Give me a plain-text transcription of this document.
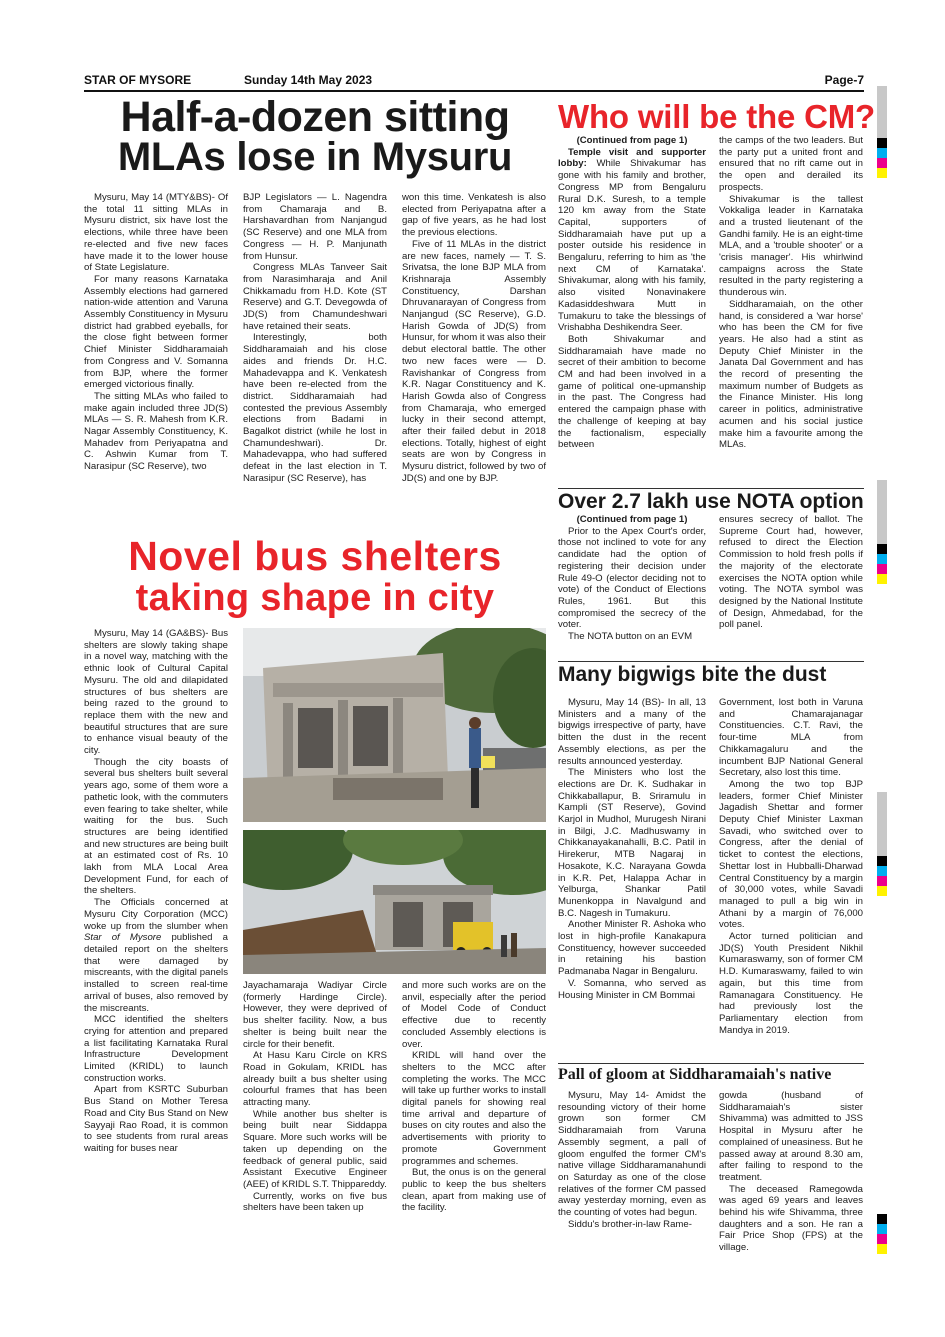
STAR OF MYSORE	Sunday 14th May 2023	Page-7
Half-a-dozen sitting
MLAs lose in Mysuru

Mysuru, May 14 (MTY&BS)- Of the total 11 sitting MLAs in Mysuru district, six have lost the elections, while three have been re-elected and five new faces have made it to the lower house of State Legislature.

For many reasons Karnataka Assembly elections had garnered nation-wide attention and Varuna Assembly Constituency in Mysuru district had grabbed eyeballs, for the close fight between former Chief Minister Siddharamaiah from Congress and V. Somanna from BJP, where the former emerged victorious finally.

The sitting MLAs who failed to make again included three JD(S) MLAs — S. R. Mahesh from K.R. Nagar Assembly Constituency, K. Mahadev from Periyapatna and C. Ashwin Kumar from T. Narasipur (SC Reserve), two

BJP Legislators — L. Nagendra from Chamaraja and B. Harshavardhan from Nanjangud (SC Reserve) and one MLA from Congress — H. P. Manjunath from Hunsur.

Congress MLAs Tanveer Sait from Narasimharaja and Anil Chikkamadu from H.D. Kote (ST Reserve) and G.T. Devegowda of JD(S) from Chamundeshwari have retained their seats.

Interestingly, both Siddharamaiah and his close aides and friends Dr. H.C. Mahadevappa and K. Venkatesh have been re-elected from the district. Siddharamaiah had contested the previous Assembly elections from Badami in Bagalkot district (while he lost in Chamundeshwari). Dr. Mahadevappa, who had suffered defeat in the last election in T. Narasipur (SC Reserve), has

won this time. Venkatesh is also elected from Periyapatna after a gap of five years, as he had lost the previous elections.

Five of 11 MLAs in the district are new faces, namely — T. S. Srivatsa, the lone BJP MLA from Krishnaraja Assembly Constituency, Darshan Dhruvanarayan of Congress from Nanjangud (SC Reserve), G.D. Harish Gowda of JD(S) from Hunsur, for whom it was also their debut electoral battle. The other two new faces were — D. Ravishankar of Congress from K.R. Nagar Constituency and K. Harish Gowda also of Congress from Chamaraja, who emerged lucky in their second attempt, after their failed debut in 2018 elections. Totally, highest of eight seats are won by Congress in Mysuru district, followed by two of JD(S) and one by BJP.

Who will be the CM?

(Continued from page 1)

Temple visit and supporter lobby: While Shivakumar has gone with his family and brother, Congress MP from Bengaluru Rural D.K. Suresh, to a temple 120 km away from the State Capital, supporters of Siddharamaiah have put up a poster outside his residence in Bengaluru, referring to him as 'the next CM of Karnataka'. Shivakumar, along with his family, also visited Nonavinakere Kadasiddeshwara Mutt in Tumakuru to take the blessings of Vrishabha Deshikendra Seer.

Both Shivakumar and Siddharamaiah have made no secret of their ambition to become CM and had been involved in a game of political one-upmanship in the past. The Congress had entered the campaign phase with the challenge of keeping at bay the factionalism, especially between

the camps of the two leaders. But the party put a united front and ensured that no rift came out in the open and derailed its prospects.

Shivakumar is the tallest Vokkaliga leader in Karnataka and a trusted lieutenant of the Gandhi family. He is an eight-time MLA, and a 'trouble shooter' or a 'crisis manager'. His whirlwind campaigns across the State resulted in the party registering a thunderous win.

Siddharamaiah, on the other hand, is considered a 'war horse' who has been the CM for five years. He also had a stint as Deputy Chief Minister in the Janata Dal Government and has the record of presenting the maximum number of Budgets as the Finance Minister. His long career in politics, administrative acumen and his social justice make him a favourite among the MLAs.

Over 2.7 lakh use NOTA option

(Continued from page 1)

Prior to the Apex Court's order, those not inclined to vote for any candidate had the option of registering their decision under Rule 49-O (elector deciding not to vote) of the Conduct of Elections Rules, 1961. But this compromised the secrecy of the voter.

The NOTA button on an EVM

ensures secrecy of ballot. The Supreme Court had, however, refused to direct the Election Commission to hold fresh polls if the majority of the electorate exercises the NOTA option while voting. The NOTA symbol was designed by the National Institute of Design, Ahmedabad, for the poll panel.

Novel bus shelters
taking shape in city

Mysuru, May 14 (GA&BS)- Bus shelters are slowly taking shape in a novel way, matching with the ethnic look of Cultural Capital Mysuru. The old and dilapidated structures of bus shelters are being razed to the ground to replace them with the new and beautiful structures that are sure to enhance visual beauty of the city.

Though the city boasts of several bus shelters built several years ago, some of them wore a pathetic look, with the commuters even fearing to take shelter, while waiting for the bus. Such structures are being identified and new structures are being built at an estimated cost of Rs. 10 lakh from MLA Local Area Development Fund, for each of the shelters.

The Officials concerned at Mysuru City Corporation (MCC) woke up from the slumber when Star of Mysore published a detailed report on the shelters that were damaged by miscreants, with the digital panels installed to screen real-time arrival of buses, also removed by the miscreants.

MCC identified the shelters crying for attention and prepared a list facilitating Karnataka Rural Infrastructure Development Limited (KRIDL) to launch construction works.

Apart from KSRTC Suburban Bus Stand on Mother Teresa Road and City Bus Stand on New Sayyaji Rao Road, it is common to see students from rural areas waiting for buses near

Jayachamaraja Wadiyar Circle (formerly Hardinge Circle). However, they were deprived of bus shelter facility. Now, a bus shelter is being built near the circle for their benefit.

At Hasu Karu Circle on KRS Road in Gokulam, KRIDL has already built a bus shelter using colourful frames that has been attracting many.

While another bus shelter is being built near Siddappa Square. More such works will be taken up depending on the feedback of general public, said Assistant Executive Engineer (AEE) of KRIDL S.T. Thippareddy.

Currently, works on five bus shelters have been taken up

and more such works are on the anvil, especially after the period of Model Code of Conduct effective due to recently concluded Assembly elections is over.

KRIDL will hand over the shelters to the MCC after completing the works. The MCC will take up further works to install digital panels for showing real time arrival and departure of buses on city routes and also the advertisements with priority to promote Government programmes and schemes.

But, the onus is on the general public to keep the bus shelters clean, apart from making use of the facility.

Many bigwigs bite the dust

Mysuru, May 14 (BS)- In all, 13 Ministers and a many of the bigwigs irrespective of party, have bitten the dust in the recent Assembly elections, as per the results announced yesterday.

The Ministers who lost the elections are Dr. K. Sudhakar in Chikkaballapur, B. Sriramulu in Kampli (ST Reserve), Govind Karjol in Mudhol, Murugesh Nirani in Bilgi, J.C. Madhuswamy in Chikkanayakanahalli, B.C. Patil in Hirekerur, MTB Nagaraj in Hosakote, K.C. Narayana Gowda in K.R. Pet, Halappa Achar in Yelburga, Shankar Patil Munenkoppa in Navalgund and B.C. Nagesh in Tumakuru.

Another Minister R. Ashoka who lost in high-profile Kanakapura Constituency, however succeeded in retaining his bastion Padmanaba Nagar in Bengaluru.

V. Somanna, who served as Housing Minister in CM Bommai

Government, lost both in Varuna and Chamarajanagar Constituencies. C.T. Ravi, the four-time MLA from Chikkamagaluru and the incumbent BJP National General Secretary, also lost this time.

Among the two top BJP leaders, former Chief Minister Jagadish Shettar and former Deputy Chief Minister Laxman Savadi, who switched over to Congress, after the denial of ticket to contest the elections, Shettar lost in Hubballi-Dharwad Central Constituency by a margin of 30,000 votes, while Savadi managed to pull a big win in Athani by a margin of 76,000 votes.

Actor turned politician and JD(S) Youth President Nikhil Kumaraswamy, son of former CM H.D. Kumaraswamy, failed to win again, but this time from Ramanagara Constituency. He had previously lost the Parliamentary election from Mandya in 2019.

Pall of gloom at Siddharamaiah's native

Mysuru, May 14- Amidst the resounding victory of their home grown son former CM Siddharamaiah from Varuna Assembly segment, a pall of gloom engulfed the former CM's native village Siddharamanahundi on Saturday as one of the close relatives of the former CM passed away yesterday morning, even as the counting of votes had begun.

Siddu's brother-in-law Rame-

gowda (husband of Siddharamaiah's sister Shivamma) was admitted to JSS Hospital in Mysuru after he complained of uneasiness. But he passed away at around 8.30 am, after failing to respond to the treatment.

The deceased Ramegowda was aged 69 years and leaves behind his wife Shivamma, three daughters and a son. He ran a Fair Price Shop (FPS) at the village.
